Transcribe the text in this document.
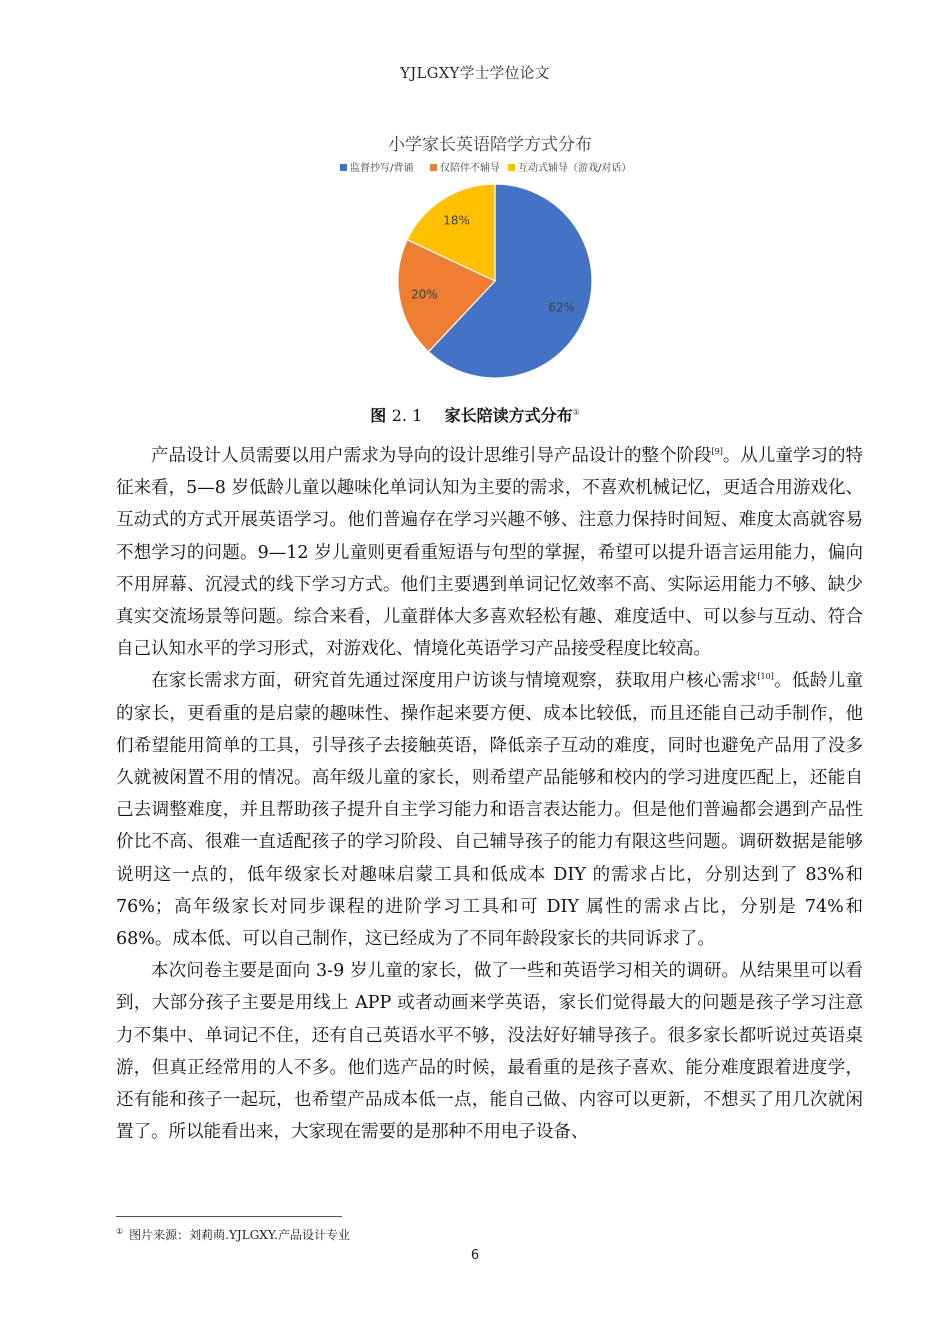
YJLGXY学士学位论文
小学家长英语陪学方式分布
监督抄写/背诵	仅陪伴不辅导 互动式辅导（游戏/对话）
62%
20%
18%
图 2. 1 家长陪读方式分布①

产品设计人员需要以用户需求为导向的设计思维引导产品设计的整个阶段[9]。从儿童学习的特征来看，5—8 岁低龄儿童以趣味化单词认知为主要的需求，不喜欢机械记忆，更适合用游戏化、互动式的方式开展英语学习。他们普遍存在学习兴趣不够、注意力保持时间短、难度太高就容易不想学习的问题。9—12 岁儿童则更看重短语与句型的掌握，希望可以提升语言运用能力，偏向不用屏幕、沉浸式的线下学习方式。他们主要遇到单词记忆效率不高、实际运用能力不够、缺少真实交流场景等问题。综合来看，儿童群体大多喜欢轻松有趣、难度适中、可以参与互动、符合自己认知水平的学习形式，对游戏化、情境化英语学习产品接受程度比较高。

在家长需求方面，研究首先通过深度用户访谈与情境观察，获取用户核心需求[10]。低龄儿童的家长，更看重的是启蒙的趣味性、操作起来要方便、成本比较低，而且还能自己动手制作，他们希望能用简单的工具，引导孩子去接触英语，降低亲子互动的难度，同时也避免产品用了没多久就被闲置不用的情况。高年级儿童的家长，则希望产品能够和校内的学习进度匹配上，还能自己去调整难度，并且帮助孩子提升自主学习能力和语言表达能力。但是他们普遍都会遇到产品性价比不高、很难一直适配孩子的学习阶段、自己辅导孩子的能力有限这些问题。调研数据是能够说明这一点的，低年级家长对趣味启蒙工具和低成本 DIY 的需求占比，分别达到了 83%和 76%；高年级家长对同步课程的进阶学习工具和可 DIY 属性的需求占比，分别是 74%和 68%。成本低、可以自己制作，这已经成为了不同年龄段家长的共同诉求了。

本次问卷主要是面向 3-9 岁儿童的家长，做了一些和英语学习相关的调研。从结果里可以看到，大部分孩子主要是用线上 APP 或者动画来学英语，家长们觉得最大的问题是孩子学习注意力不集中、单词记不住，还有自己英语水平不够，没法好好辅导孩子。很多家长都听说过英语桌游，但真正经常用的人不多。他们选产品的时候，最看重的是孩子喜欢、能分难度跟着进度学，还有能和孩子一起玩，也希望产品成本低一点，能自己做、内容可以更新，不想买了用几次就闲置了。所以能看出来，大家现在需要的是那种不用电子设备、

① 图片来源：刘莉萌.YJLGXY.产品设计专业
6
